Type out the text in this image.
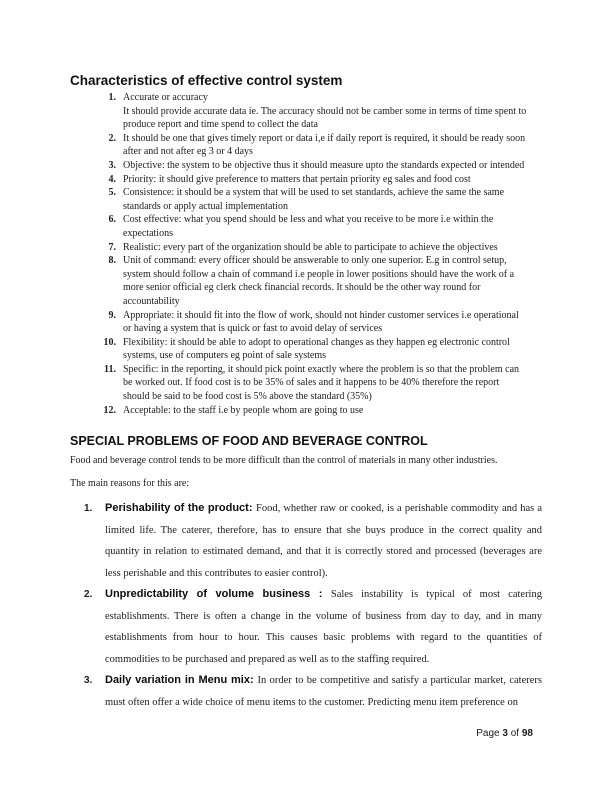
Characteristics of effective control system
1. Accurate or accuracy
It should provide accurate data ie. The accuracy should not be camber some in terms of time spent to produce report and time spend to collect the data
2. It should be one that gives timely report or data i,e if daily report is required, it should be ready soon after and not after eg 3 or 4 days
3. Objective: the system to be objective thus it should measure upto the standards expected or intended
4. Priority: it should give preference to matters that pertain priority eg sales and food cost
5. Consistence: it should be a system that will be used to set standards, achieve the same the same standards or apply actual implementation
6. Cost effective: what you spend should be less and what you receive to be more i.e within the expectations
7. Realistic: every part of the organization should be able to participate to achieve the objectives
8. Unit of command: every officer should be answerable to only one superior. E.g in control setup, system should follow a chain of command i.e people in lower positions should have the work of a more senior official eg clerk check financial records. It should be the other way round for accountability
9. Appropriate: it should fit into the flow of work, should not hinder customer services i.e operational or having a system that is quick or fast to avoid delay of services
10. Flexibility: it should be able to adopt to operational changes as they happen eg electronic control systems, use of computers eg point of sale systems
11. Specific: in the reporting, it should pick point exactly where the problem is so that the problem can be worked out. If food cost is to be 35% of sales and it happens to be 40% therefore the report should be said to be food cost is 5% above the standard (35%)
12. Acceptable: to the staff i.e by people whom are going to use
SPECIAL PROBLEMS OF FOOD AND BEVERAGE CONTROL

Food and beverage control tends to be more difficult than the control of materials in many other industries.

The main reasons for this are:

1. Perishability of the product: Food, whether raw or cooked, is a perishable commodity and has a limited life. The caterer, therefore, has to ensure that she buys produce in the correct quality and quantity in relation to estimated demand, and that it is correctly stored and processed (beverages are less perishable and this contributes to easier control).
2. Unpredictability of volume business : Sales instability is typical of most catering establishments. There is often a change in the volume of business from day to day, and in many establishments from hour to hour. This causes basic problems with regard to the quantities of commodities to be purchased and prepared as well as to the staffing required.
3. Daily variation in Menu mix: In order to be competitive and satisfy a particular market, caterers must often offer a wide choice of menu items to the customer. Predicting menu item preference on
Page 3 of 98
